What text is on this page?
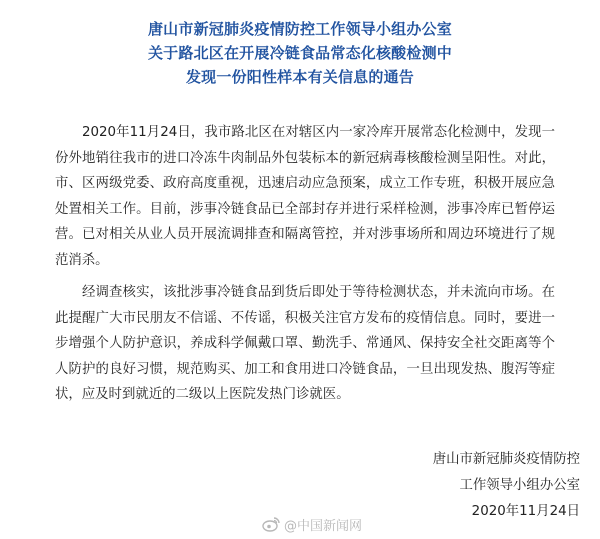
唐山市新冠肺炎疫情防控工作领导小组办公室
关于路北区在开展冷链食品常态化核酸检测中
发现一份阳性样本有关信息的通告

2020年11月24日，我市路北区在对辖区内一家冷库开展常态化检测中，发现一份外地销往我市的进口冷冻牛肉制品外包装标本的新冠病毒核酸检测呈阳性。对此，市、区两级党委、政府高度重视，迅速启动应急预案，成立工作专班，积极开展应急处置相关工作。目前，涉事冷链食品已全部封存并进行采样检测，涉事冷库已暂停运营。已对相关从业人员开展流调排查和隔离管控，并对涉事场所和周边环境进行了规范消杀。

经调查核实，该批涉事冷链食品到货后即处于等待检测状态，并未流向市场。在此提醒广大市民朋友不信谣、不传谣，积极关注官方发布的疫情信息。同时，要进一步增强个人防护意识，养成科学佩戴口罩、勤洗手、常通风、保持安全社交距离等个人防护的良好习惯，规范购买、加工和食用进口冷链食品，一旦出现发热、腹泻等症状，应及时到就近的二级以上医院发热门诊就医。

唐山市新冠肺炎疫情防控
工作领导小组办公室
2020年11月24日
@中国新闻网
